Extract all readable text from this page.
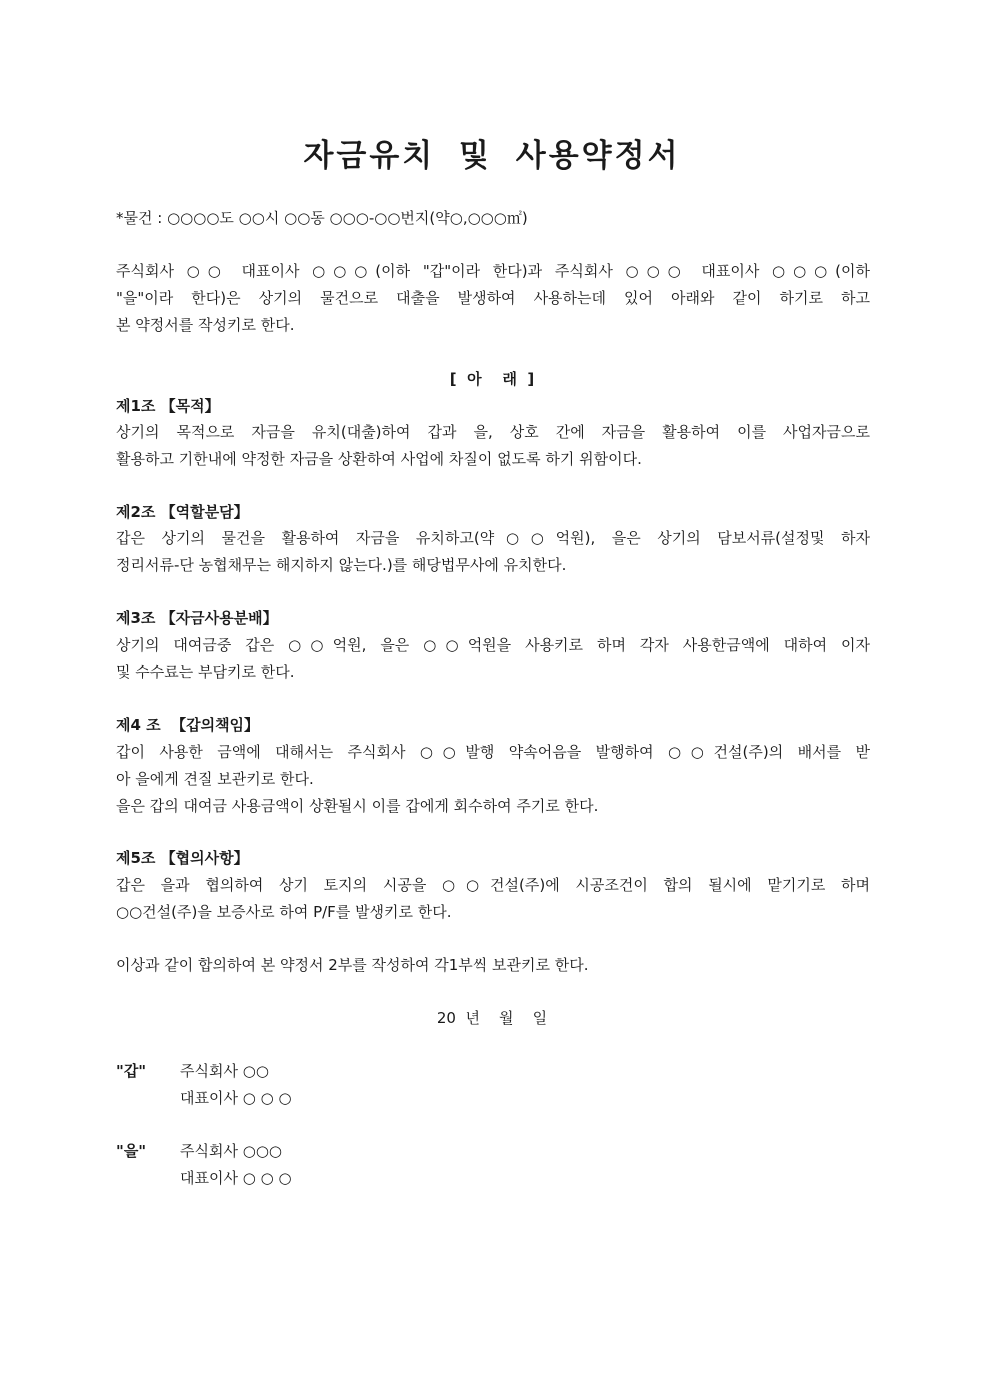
자금유치 및 사용약정서
*물건 : ○○○○도 ○○시 ○○동 ○○○-○○번지(약○,○○○㎡)
주식회사 ○○ 대표이사 ○○○(이하 "갑"이라 한다)과 주식회사 ○○○ 대표이사 ○○○(이하
"을"이라 한다)은 상기의 물건으로 대출을 발생하여 사용하는데 있어 아래와 같이 하기로 하고
본 약정서를 작성키로 한다.
[  아    래  ]
제1조 【목적】
상기의 목적으로 자금을 유치(대출)하여 갑과 을, 상호 간에 자금을 활용하여 이를 사업자금으로
활용하고 기한내에 약정한 자금을 상환하여 사업에 차질이 없도록 하기 위함이다.
제2조 【역할분담】
갑은 상기의 물건을 활용하여 자금을 유치하고(약○○억원), 을은 상기의 담보서류(설정및 하자
정리서류-단 농협채무는 해지하지 않는다.)를 해당법무사에 유치한다.
제3조 【자금사용분배】
상기의 대여금중 갑은 ○○억원, 을은 ○○억원을 사용키로 하며 각자 사용한금액에 대하여 이자
및 수수료는 부담키로 한다.
제4 조  【갑의책임】
갑이 사용한 금액에 대해서는 주식회사 ○○발행 약속어음을 발행하여 ○○건설(주)의 배서를 받
아 을에게 견질 보관키로 한다.
을은 갑의 대여금 사용금액이 상환될시 이를 갑에게 회수하여 주기로 한다.
제5조 【협의사항】
갑은 을과 협의하여 상기 토지의 시공을 ○○건설(주)에 시공조건이 합의 될시에 맡기기로 하며
○○건설(주)을 보증사로 하여 P/F를 발생키로 한다.
이상과 같이 합의하여 본 약정서 2부를 작성하여 각1부씩 보관키로 한다.
20  년    월    일
"갑" 주식회사 ○○
대표이사 ○ ○ ○
"을" 주식회사 ○○○
대표이사 ○ ○ ○
